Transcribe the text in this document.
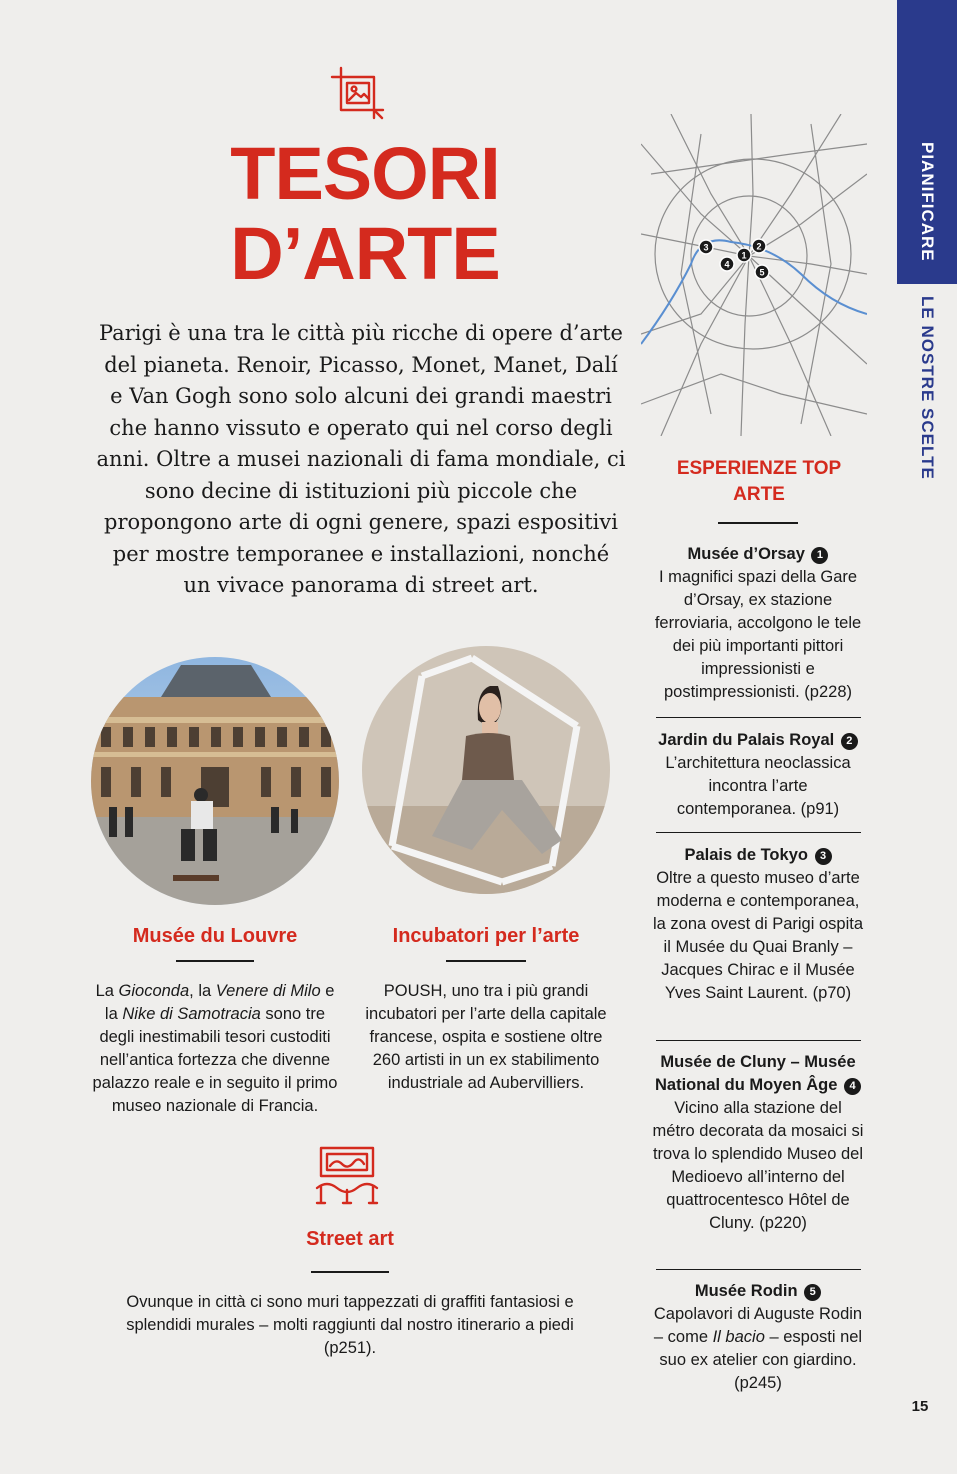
PIANIFICARE
LE NOSTRE SCELTE
15
TESORI
D’ARTE

Parigi è una tra le città più ricche di opere d’arte del pianeta. Renoir, Picasso, Monet, Manet, Dalí e Van Gogh sono solo alcuni dei grandi maestri che hanno vissuto e operato qui nel corso degli anni. Oltre a musei nazionali di fama mondiale, ci sono decine di istituzioni più piccole che propongono arte di ogni genere, spazi espositivi per mostre temporanee e installazioni, nonché un vivace panorama di street art.

Musée du Louvre

La Gioconda, la Venere di Milo e la Nike di Samotracia sono tre degli inestimabili tesori custoditi nell’antica fortezza che divenne palazzo reale e in seguito il primo museo nazionale di Francia.

Incubatori per l’arte

POUSH, uno tra i più grandi incubatori per l’arte della capitale francese, ospita e sostiene oltre 260 artisti in un ex stabilimento industriale ad Aubervilliers.

Street art

Ovunque in città ci sono muri tappezzati di graffiti fantasiosi e splendidi murales – molti raggiunti dal nostro itinerario a piedi (p251).

3
1
2
4
5
ESPERIENZE TOP
ARTE
Musée d’Orsay 1
I magnifici spazi della Gare d’Orsay, ex stazione ferroviaria, accolgono le tele dei più importanti pittori impressionisti e postimpressionisti. (p228)
Jardin du Palais Royal 2
L’architettura neoclassica incontra l’arte contemporanea. (p91)
Palais de Tokyo 3
Oltre a questo museo d’arte moderna e contemporanea, la zona ovest di Parigi ospita il Musée du Quai Branly – Jacques Chirac e il Musée Yves Saint Laurent. (p70)
Musée de Cluny – Musée National du Moyen Âge 4 Vicino alla stazione del métro decorata da mosaici si trova lo splendido Museo del Medioevo all’interno del quattrocentesco Hôtel de Cluny. (p220)
Musée Rodin 5
Capolavori di Auguste Rodin – come Il bacio – esposti nel suo ex atelier con giardino. (p245)
